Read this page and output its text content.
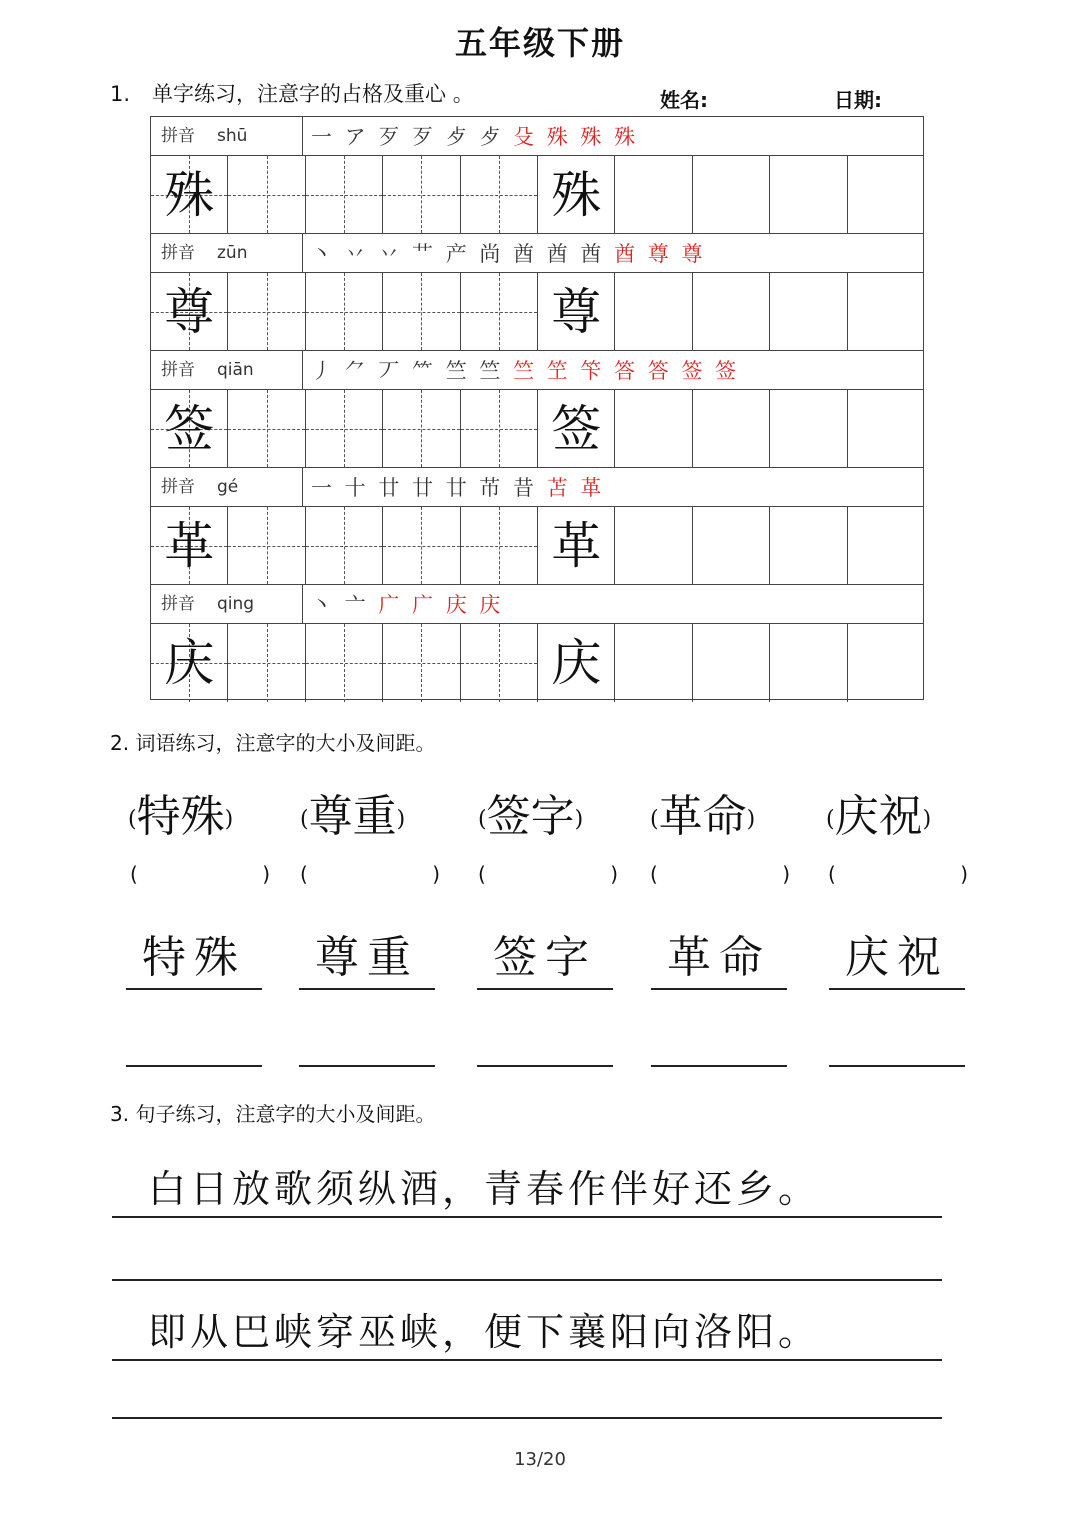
五年级下册
1. 单字练习，注意字的占格及重心 。	姓名:	日期:
拼音 shū	一 ア 歹 歹 歺 歺 殳 殊 殊 殊
殊	殊
拼音 zūn	丶 丷 丷 艹 产 尚 酋 酋 酋 酋 尊 尊
尊	尊
拼音 qiān	丿 ⺈ 丆 ⺮ 竺 竺 竺 笁 笇 答 答 签 签
签	签
拼音 gé	一 十 廿 廿 廿 芇 昔 苫 革
革	革
拼音 qing	丶 亠 广 广 庆 庆
庆	庆
2. 词语练习，注意字的大小及间距。
(特殊)	(尊重)	(签字)	(革命)	(庆祝)
(	) (	) (	) (	) (	)
特殊	尊重	签字	革命	庆祝
3. 句子练习，注意字的大小及间距。
白日放歌须纵酒，青春作伴好还乡。
即从巴峡穿巫峡，便下襄阳向洛阳。
13/20
